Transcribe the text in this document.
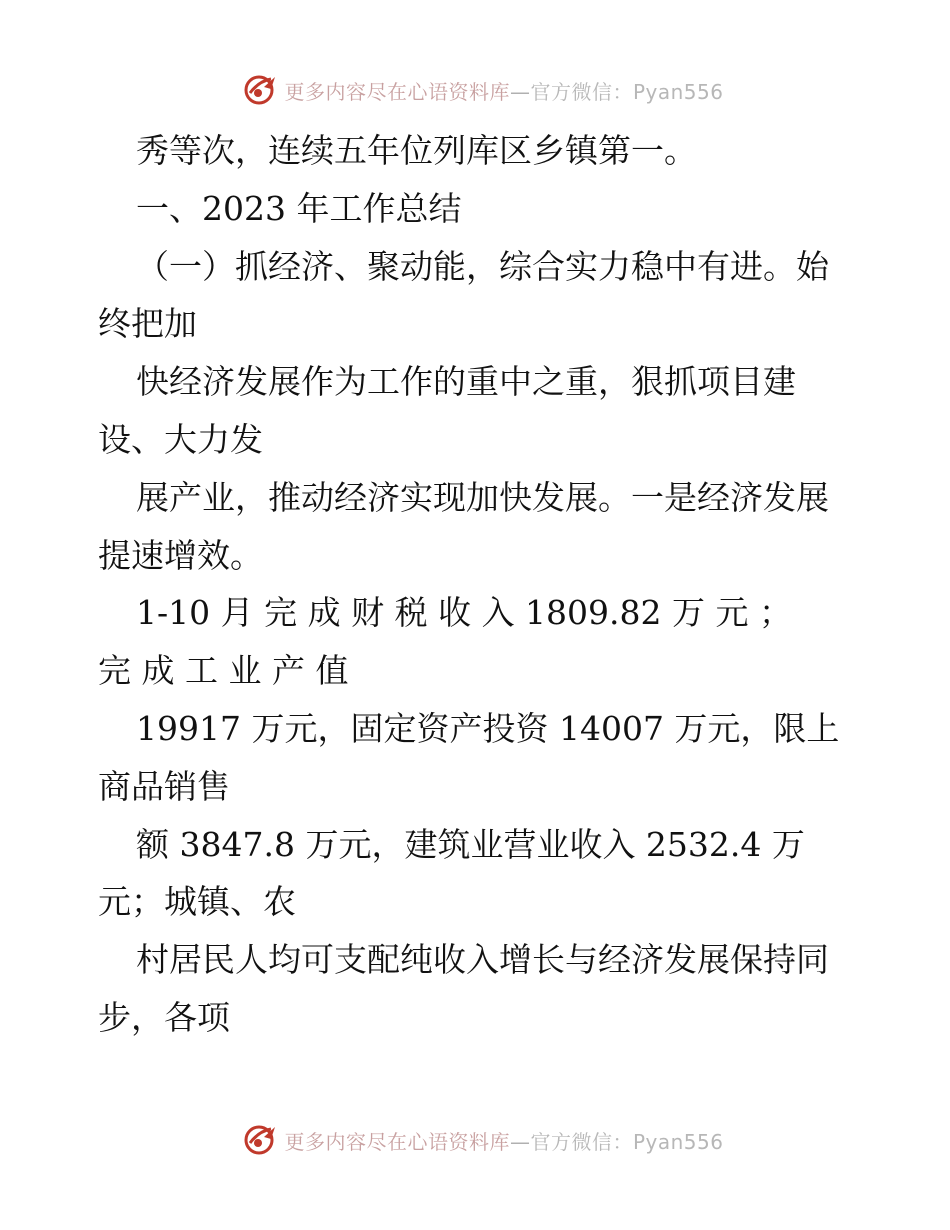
更多内容尽在心语资料库—官方微信：Pyan556
秀等次，连续五年位列库区乡镇第一。
一、2023 年工作总结
（一）抓经济、聚动能，综合实力稳中有进。始
终把加
快经济发展作为工作的重中之重，狠抓项目建
设、大力发
展产业，推动经济实现加快发展。一是经济发展
提速增效。
1-10 月 完 成 财 税 收 入 1809.82 万 元 ；
完 成 工 业 产 值
19917 万元，固定资产投资 14007 万元，限上
商品销售
额 3847.8 万元，建筑业营业收入 2532.4 万
元；城镇、农
村居民人均可支配纯收入增长与经济发展保持同
步，各项
更多内容尽在心语资料库—官方微信：Pyan556
